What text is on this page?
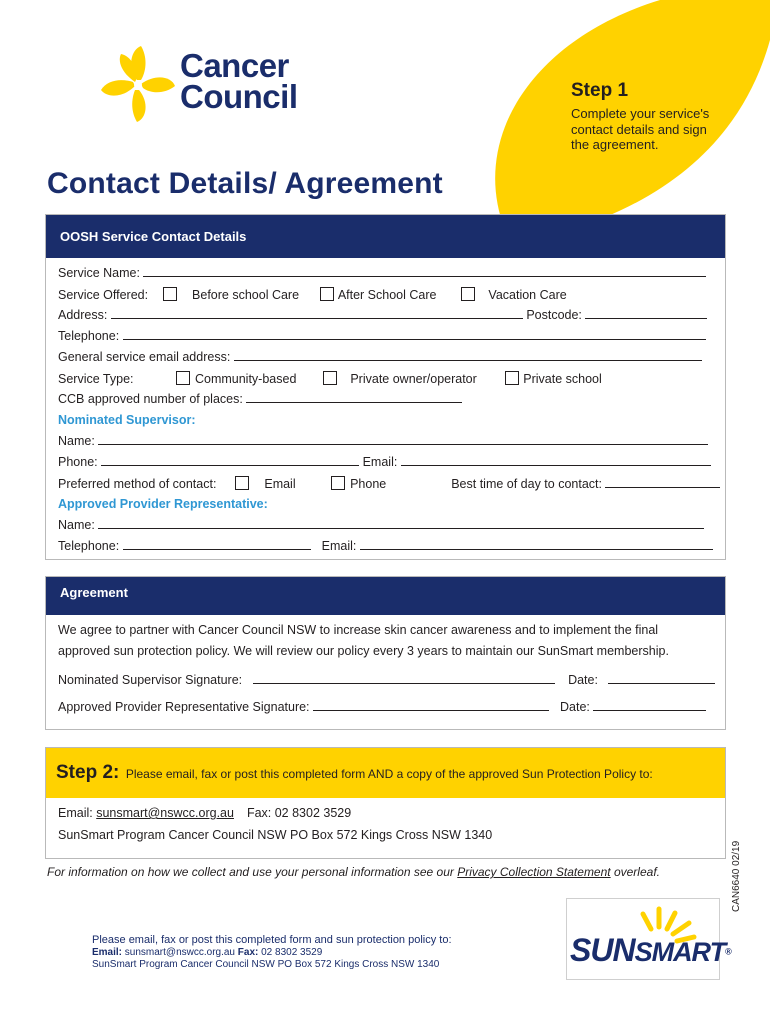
Cancer
Council	Step 1
Complete your service's contact details and sign the agreement.
Contact Details/ Agreement
OOSH Service Contact Details
Service Name:
Service Offered:	Before school Care	After School Care	Vacation Care
Address:	Postcode:
Telephone:
General service email address:
Service Type:	Community-based	Private owner/operator	Private school
CCB approved number of places:
Nominated Supervisor:
Name:
Phone:	Email:
Preferred method of contact:	Email	Phone	Best time of day to contact:
Approved Provider Representative:
Name:
Telephone:	Email:
Agreement
We agree to partner with Cancer Council NSW to increase skin cancer awareness and to implement the final
approved sun protection policy. We will review our policy every 3 years to maintain our SunSmart membership.
Nominated Supervisor Signature:	Date:
Approved Provider Representative Signature:	Date:
Step 2: Please email, fax or post this completed form AND a copy of the approved Sun Protection Policy to:
Email: sunsmart@nswcc.org.au Fax: 02 8302 3529
SunSmart Program Cancer Council NSW PO Box 572 Kings Cross NSW 1340
For information on how we collect and use your personal information see our Privacy Collection Statement overleaf.	CAN6640 02/19
Please email, fax or post this completed form and sun protection policy to:
Email: sunsmart@nswcc.org.au Fax: 02 8302 3529
SunSmart Program Cancer Council NSW PO Box 572 Kings Cross NSW 1340	SUNSMART®
